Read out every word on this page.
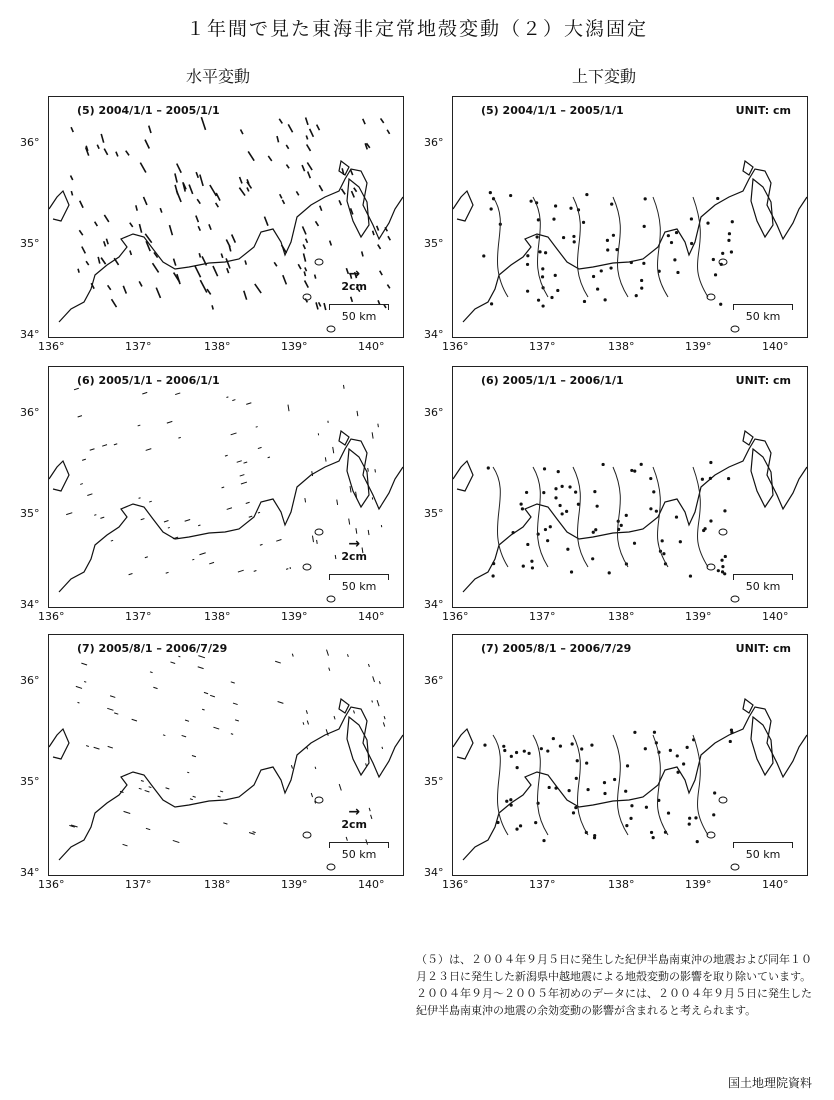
１年間で見た東海非定常地殻変動（２）大潟固定
水平変動	上下変動
(5) 2004/1/1 – 2005/1/1
→
2cm
50 km
36°
35°
34°
136°	137°	138°	139°	140°
(5) 2004/1/1 – 2005/1/1	UNIT: cm
50 km
36°
35°
34°
136°	137°	138°	139°	140°
(6) 2005/1/1 – 2006/1/1
→
2cm
50 km
36°
35°
34°
136°	137°	138°	139°	140°
(6) 2005/1/1 – 2006/1/1	UNIT: cm
50 km
36°
35°
34°
136°	137°	138°	139°	140°
(7) 2005/8/1 – 2006/7/29
→
2cm
50 km
36°
35°
34°
136°	137°	138°	139°	140°
(7) 2005/8/1 – 2006/7/29	UNIT: cm
50 km
36°
35°
34°
136°	137°	138°	139°	140°

（５）は、２００４年９月５日に発生した紀伊半島南東沖の地震および同年１０月２３日に発生した新潟県中越地震による地殻変動の影響を取り除いています。

２００４年９月～２００５年初めのデータには、２００４年９月５日に発生した紀伊半島南東沖の地震の余効変動の影響が含まれると考えられます。

国土地理院資料
